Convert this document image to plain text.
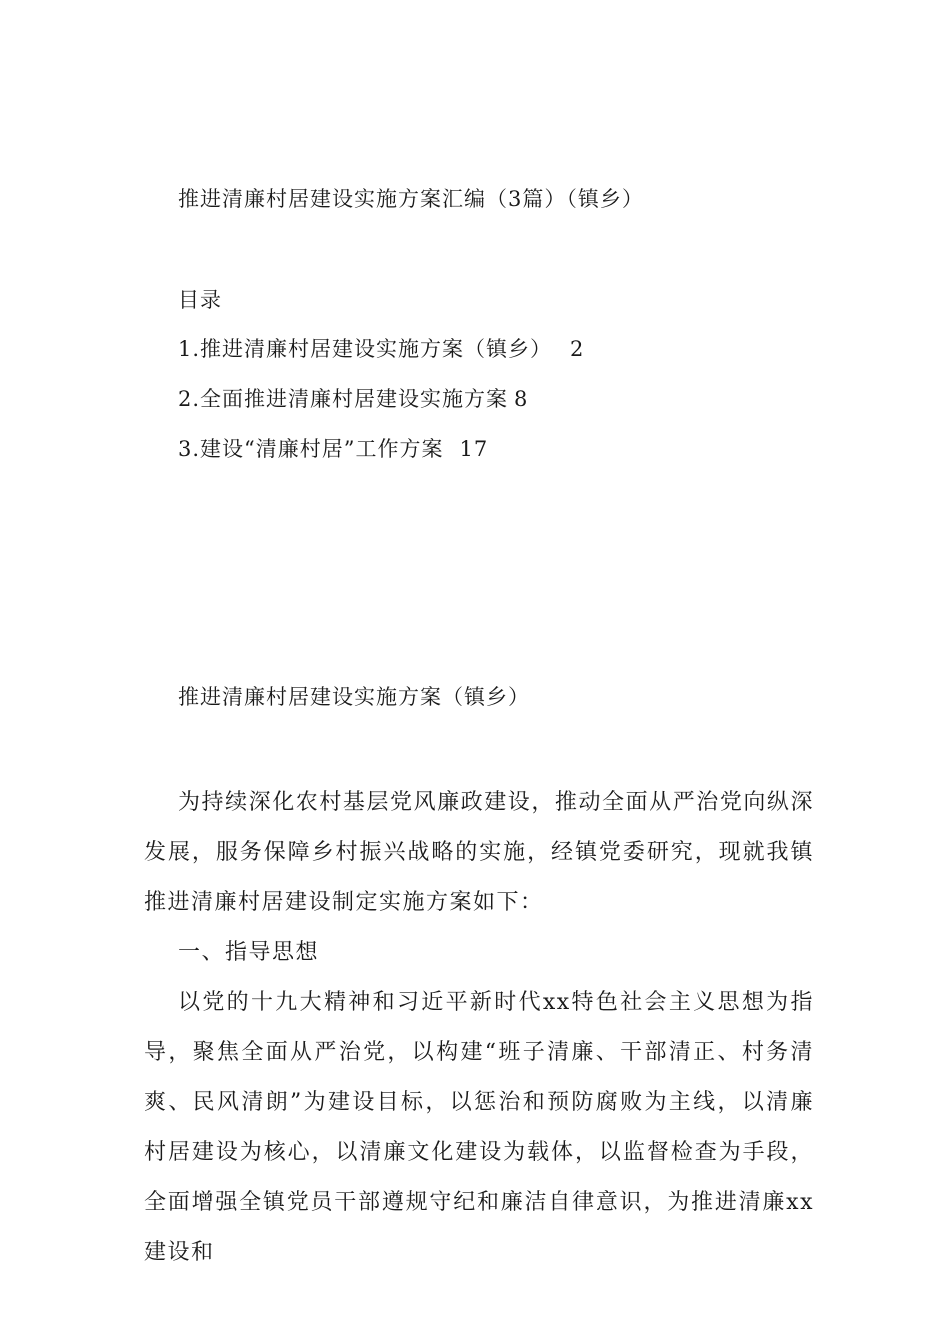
推进清廉村居建设实施方案汇编（3篇）（镇乡）
目录
1.推进清廉村居建设实施方案（镇乡） 2
2.全面推进清廉村居建设实施方案 8
3.建设“清廉村居”工作方案 17
推进清廉村居建设实施方案（镇乡）
为持续深化农村基层党风廉政建设，推动全面从严治党向纵深发展，服务保障乡村振兴战略的实施，经镇党委研究，现就我镇推进清廉村居建设制定实施方案如下：
一、指导思想
以党的十九大精神和习近平新时代xx特色社会主义思想为指导，聚焦全面从严治党，以构建“班子清廉、干部清正、村务清爽、民风清朗”为建设目标，以惩治和预防腐败为主线，以清廉村居建设为核心，以清廉文化建设为载体，以监督检查为手段，全面增强全镇党员干部遵规守纪和廉洁自律意识，为推进清廉xx建设和
